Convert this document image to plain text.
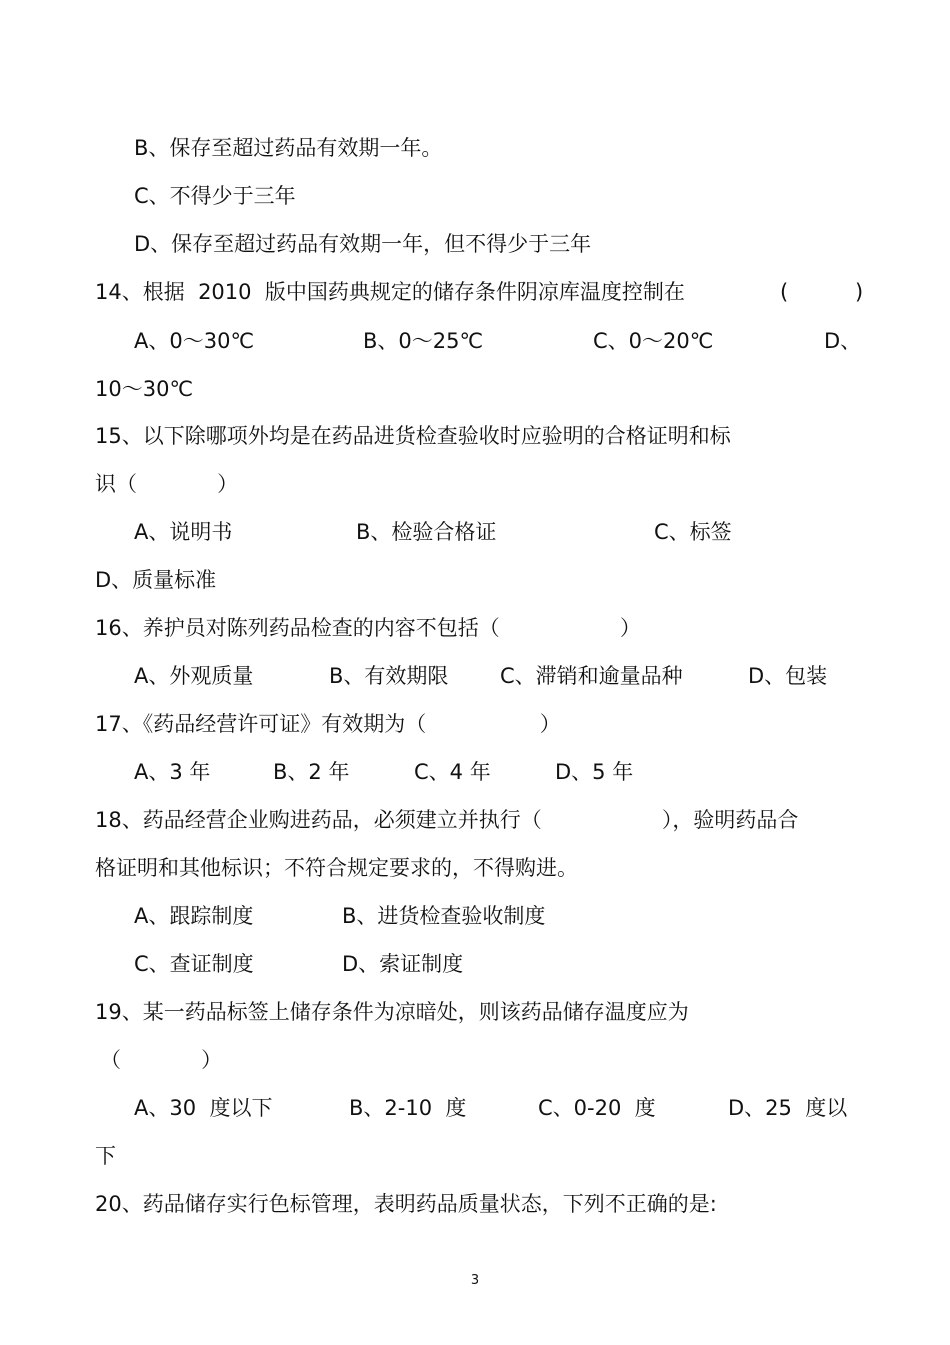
B、保存至超过药品有效期一年。
C、不得少于三年
D、保存至超过药品有效期一年，但不得少于三年
14、根据  2010  版中国药典规定的储存条件阴凉库温度控制在	(          )
A、0～30℃	B、0～25℃	C、0～20℃	D、
10～30℃
15、以下除哪项外均是在药品进货检查验收时应验明的合格证明和标
识（            ）
A、说明书	B、检验合格证	C、标签
D、质量标准
16、养护员对陈列药品检查的内容不包括（                  ）
A、外观质量	B、有效期限 C、滞销和逾量品种	D、包装
17、《药品经营许可证》有效期为（                 ）
A、3 年	B、2 年	C、4 年	D、5 年
18、药品经营企业购进药品，必须建立并执行（                  ），验明药品合
格证明和其他标识；不符合规定要求的，不得购进。
A、跟踪制度	B、进货检查验收制度
C、查证制度	D、索证制度
19、某一药品标签上储存条件为凉暗处，则该药品储存温度应为
（            ）
A、30  度以下	B、2-10  度	C、0-20  度	D、25  度以
下
20、药品储存实行色标管理，表明药品质量状态，下列不正确的是:
3
